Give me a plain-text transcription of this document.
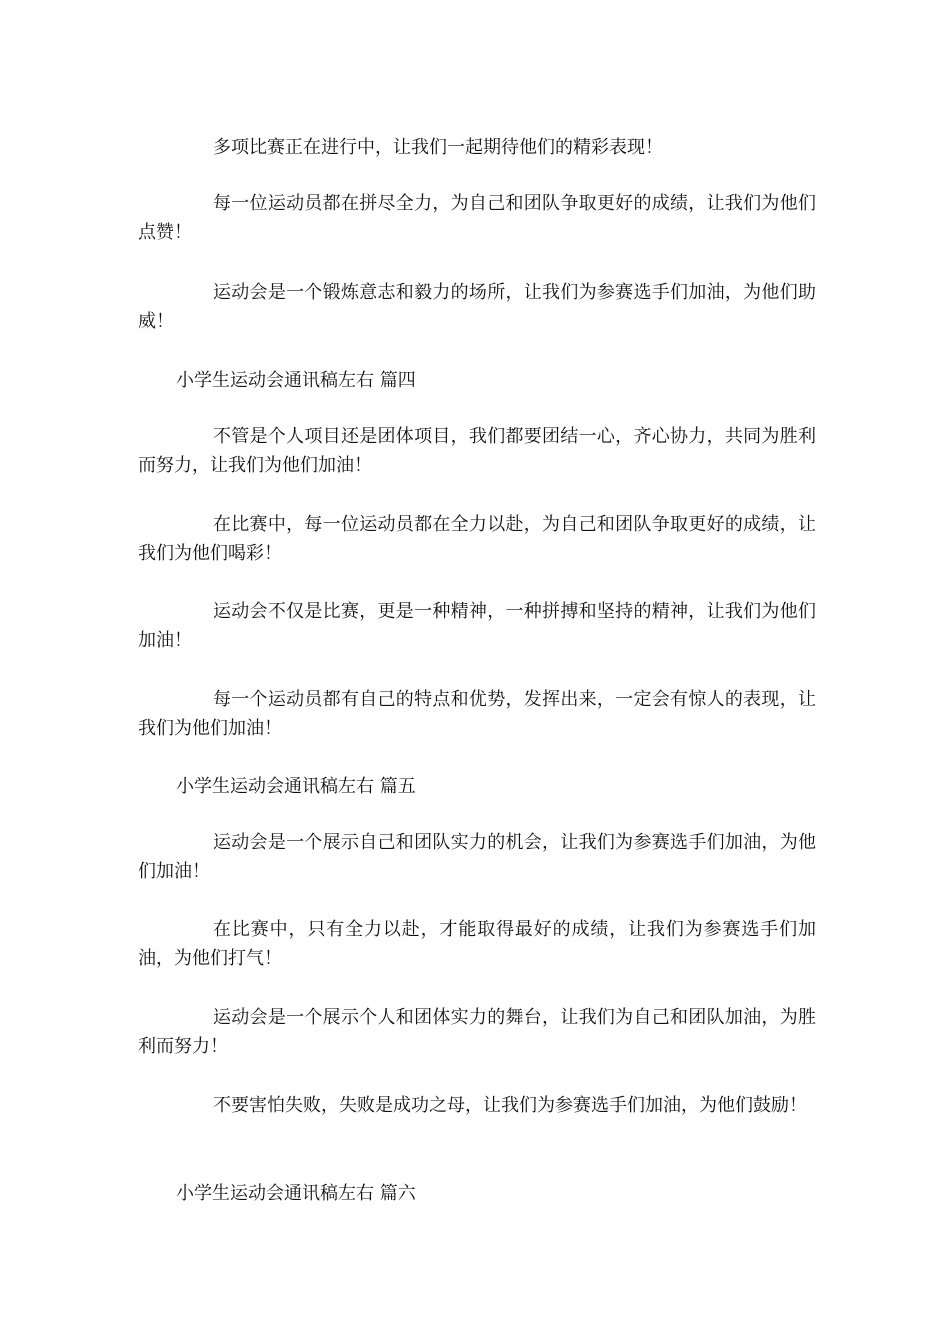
多项比赛正在进行中，让我们一起期待他们的精彩表现！

每一位运动员都在拼尽全力，为自己和团队争取更好的成绩，让我们为他们点赞！

运动会是一个锻炼意志和毅力的场所，让我们为参赛选手们加油，为他们助威！

小学生运动会通讯稿左右 篇四

不管是个人项目还是团体项目，我们都要团结一心，齐心协力，共同为胜利而努力，让我们为他们加油！

在比赛中，每一位运动员都在全力以赴，为自己和团队争取更好的成绩，让我们为他们喝彩！

运动会不仅是比赛，更是一种精神，一种拼搏和坚持的精神，让我们为他们加油！

每一个运动员都有自己的特点和优势，发挥出来，一定会有惊人的表现，让我们为他们加油！

小学生运动会通讯稿左右 篇五

运动会是一个展示自己和团队实力的机会，让我们为参赛选手们加油，为他们加油！

在比赛中，只有全力以赴，才能取得最好的成绩，让我们为参赛选手们加油，为他们打气！

运动会是一个展示个人和团体实力的舞台，让我们为自己和团队加油，为胜利而努力！

不要害怕失败，失败是成功之母，让我们为参赛选手们加油，为他们鼓励！

小学生运动会通讯稿左右 篇六
